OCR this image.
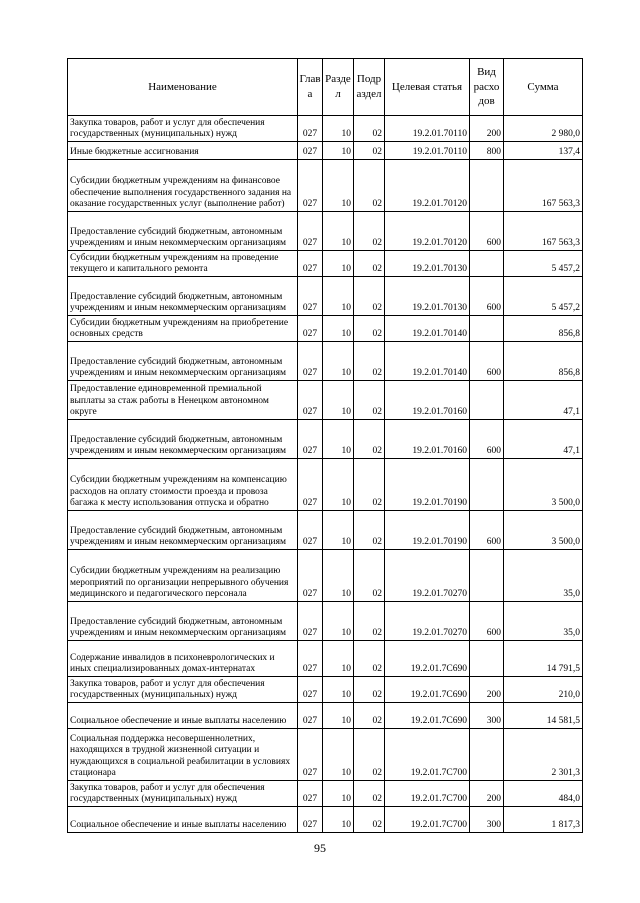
Наименование	Глав а	Разде л	Подр аздел	Целевая статья	Вид расхо дов	Сумма
Закупка товаров, работ и услуг для обеспечения государственных (муниципальных) нужд	027	10	02	19.2.01.70110	200	2 980,0
Иные бюджетные ассигнования	027	10	02	19.2.01.70110	800	137,4
Субсидии бюджетным учреждениям на финансовое обеспечение выполнения государственного задания на оказание государственных услуг (выполнение работ)	027	10	02	19.2.01.70120		167 563,3
Предоставление субсидий бюджетным, автономным учреждениям и иным некоммерческим организациям	027	10	02	19.2.01.70120	600	167 563,3
Субсидии бюджетным учреждениям на проведение текущего и капитального ремонта	027	10	02	19.2.01.70130		5 457,2
Предоставление субсидий бюджетным, автономным учреждениям и иным некоммерческим организациям	027	10	02	19.2.01.70130	600	5 457,2
Субсидии бюджетным учреждениям на приобретение основных средств	027	10	02	19.2.01.70140		856,8
Предоставление субсидий бюджетным, автономным учреждениям и иным некоммерческим организациям	027	10	02	19.2.01.70140	600	856,8
Предоставление единовременной премиальной выплаты за стаж работы в Ненецком автономном округе	027	10	02	19.2.01.70160		47,1
Предоставление субсидий бюджетным, автономным учреждениям и иным некоммерческим организациям	027	10	02	19.2.01.70160	600	47,1
Субсидии бюджетным учреждениям на компенсацию расходов на оплату стоимости проезда и провоза багажа к месту использования отпуска и обратно	027	10	02	19.2.01.70190		3 500,0
Предоставление субсидий бюджетным, автономным учреждениям и иным некоммерческим организациям	027	10	02	19.2.01.70190	600	3 500,0
Субсидии бюджетным учреждениям на реализацию мероприятий по организации непрерывного обучения медицинского и педагогического персонала	027	10	02	19.2.01.70270		35,0
Предоставление субсидий бюджетным, автономным учреждениям и иным некоммерческим организациям	027	10	02	19.2.01.70270	600	35,0
Содержание инвалидов в психоневрологических и иных специализированных домах-интернатах	027	10	02	19.2.01.7С690		14 791,5
Закупка товаров, работ и услуг для обеспечения государственных (муниципальных) нужд	027	10	02	19.2.01.7С690	200	210,0
Социальное обеспечение и иные выплаты населению	027	10	02	19.2.01.7С690	300	14 581,5
Социальная поддержка несовершеннолетних, находящихся в трудной жизненной ситуации и нуждающихся в социальной реабилитации в условиях стационара	027	10	02	19.2.01.7С700		2 301,3
Закупка товаров, работ и услуг для обеспечения государственных (муниципальных) нужд	027	10	02	19.2.01.7С700	200	484,0
Социальное обеспечение и иные выплаты населению	027	10	02	19.2.01.7С700	300	1 817,3
95
